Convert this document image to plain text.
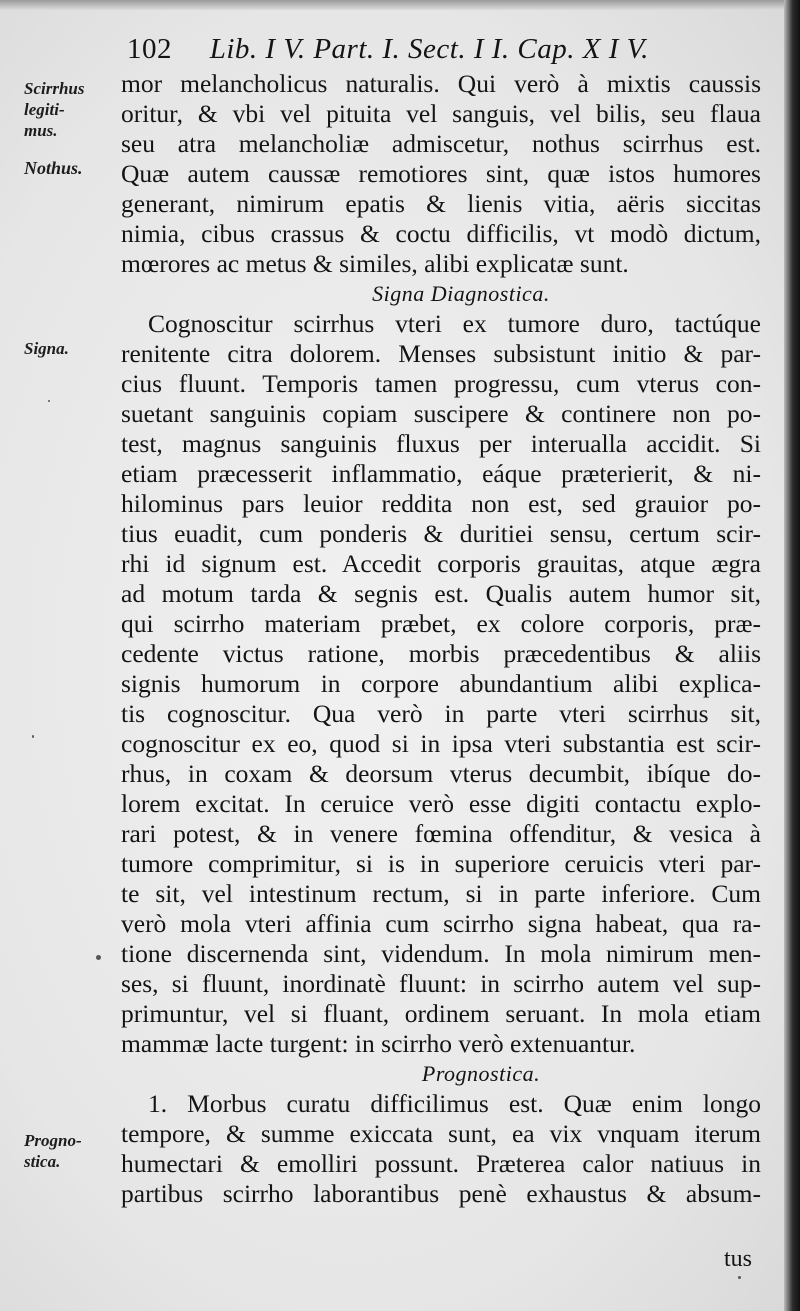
102 Lib. I V. Part. I. Sect. I I. Cap. X I V.
Scirrhus
legiti-
mus.
Nothus.
Signa.
Progno-
stica.
mor melancholicus naturalis. Qui verò à mixtis caussis
oritur, & vbi vel pituita vel sanguis, vel bilis, seu flaua
seu atra melancholiæ admiscetur, nothus scirrhus est.
Quæ autem caussæ remotiores sint, quæ istos humores
generant, nimirum epatis & lienis vitia, aëris siccitas
nimia, cibus crassus & coctu difficilis, vt modò dictum,
mœrores ac metus & similes, alibi explicatæ sunt.
Signa Diagnostica.
Cognoscitur scirrhus vteri ex tumore duro, tactúque
renitente citra dolorem. Menses subsistunt initio & par-
cius fluunt. Temporis tamen progressu, cum vterus con-
suetant sanguinis copiam suscipere & continere non po-
test, magnus sanguinis fluxus per interualla accidit. Si
etiam præcesserit inflammatio, eáque præterierit, & ni-
hilominus pars leuior reddita non est, sed grauior po-
tius euadit, cum ponderis & duritiei sensu, certum scir-
rhi id signum est. Accedit corporis grauitas, atque ægra
ad motum tarda & segnis est. Qualis autem humor sit,
qui scirrho materiam præbet, ex colore corporis, præ-
cedente victus ratione, morbis præcedentibus & aliis
signis humorum in corpore abundantium alibi explica-
tis cognoscitur. Qua verò in parte vteri scirrhus sit,
cognoscitur ex eo, quod si in ipsa vteri substantia est scir-
rhus, in coxam & deorsum vterus decumbit, ibíque do-
lorem excitat. In ceruice verò esse digiti contactu explo-
rari potest, & in venere fœmina offenditur, & vesica à
tumore comprimitur, si is in superiore ceruicis vteri par-
te sit, vel intestinum rectum, si in parte inferiore. Cum
verò mola vteri affinia cum scirrho signa habeat, qua ra-
tione discernenda sint, videndum. In mola nimirum men-
ses, si fluunt, inordinatè fluunt: in scirrho autem vel sup-
primuntur, vel si fluant, ordinem seruant. In mola etiam
mammæ lacte turgent: in scirrho verò extenuantur.
Prognostica.
1. Morbus curatu difficilimus est. Quæ enim longo
tempore, & summe exiccata sunt, ea vix vnquam iterum
humectari & emolliri possunt. Præterea calor natiuus in
partibus scirrho laborantibus penè exhaustus & absum-
tus
